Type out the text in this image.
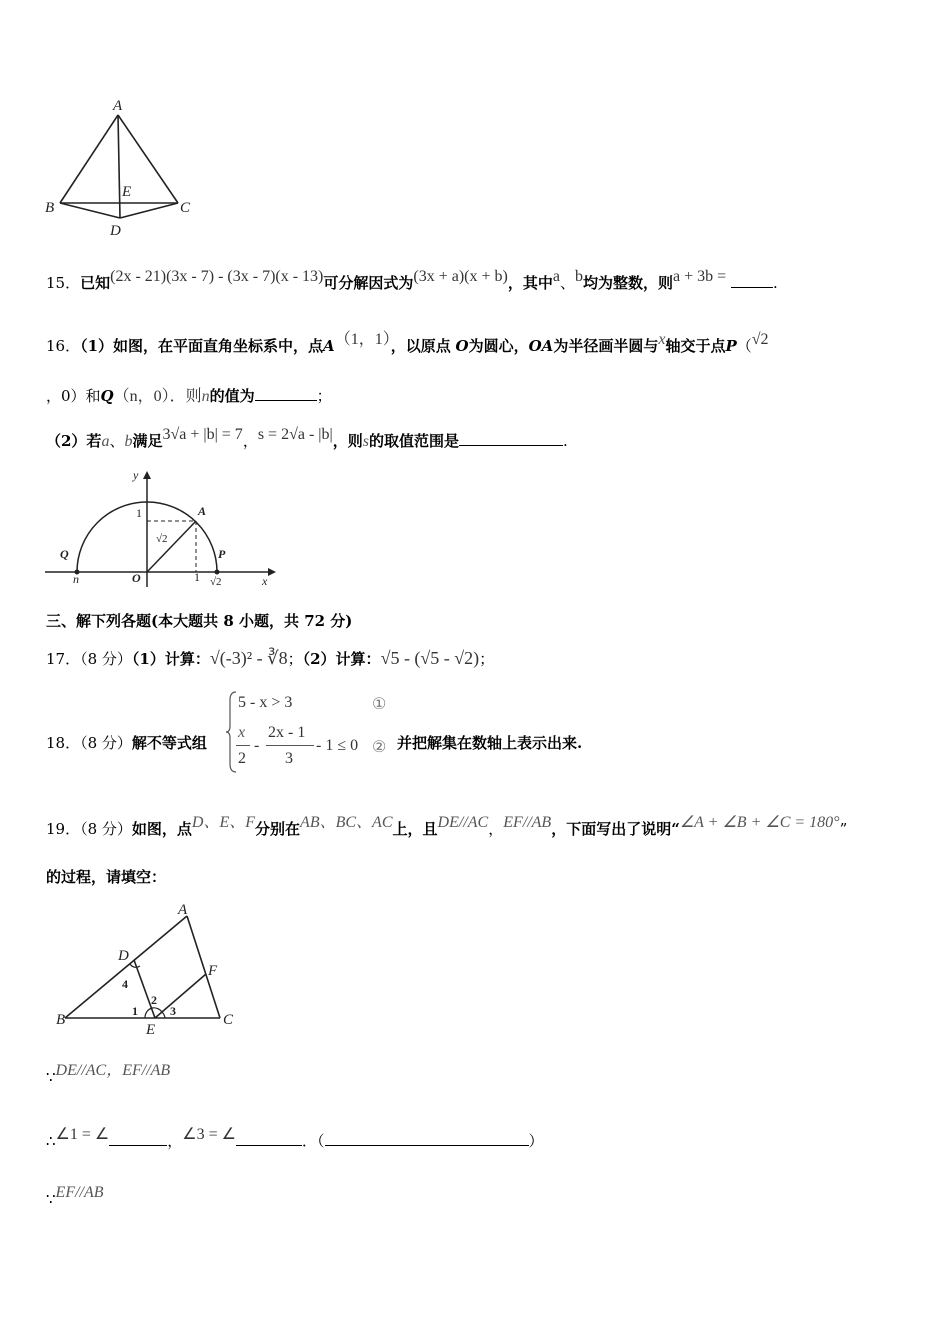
A
B	C
D
E
15．已知(2x - 21)(3x - 7) - (3x - 7)(x - 13)可分解因式为(3x + a)(x + b)，其中a、b均为整数，则a + 3b =	.
16．（1）如图，在平面直角坐标系中，点A（1，1），以原点 O为圆心，OA为半径画半圆与x轴交于点P（√2
，0）和Q（n，0）．则n的值为	；
（2）若a、b满足3√a + |b| = 7，s = 2√a - |b|，则s的取值范围是	.
y
x
1	A
Q	P
O
n	1 √2
√2
三、解下列各题(本大题共 8 小题，共 72 分)
17．（8 分）（1）计算：√(-3)² - ∛8；（2）计算：√5 - (√5 - √2)；
18．（8 分）解不等式组
5 - x > 3
x
2
-
2x - 1
3
- 1 ≤ 0
①
② 并把解集在数轴上表示出来.
19．（8 分）如图，点D、E、F分别在AB、BC、AC上，且DE//AC，EF//AB，下面写出了说明“∠A + ∠B + ∠C = 180°”
的过程，请填空：
A
B	C
D
E
F
1
2
3
4
∵DE//AC，EF//AB
∴∠1 = ∠	，∠3 = ∠	．（	）
∵EF//AB
